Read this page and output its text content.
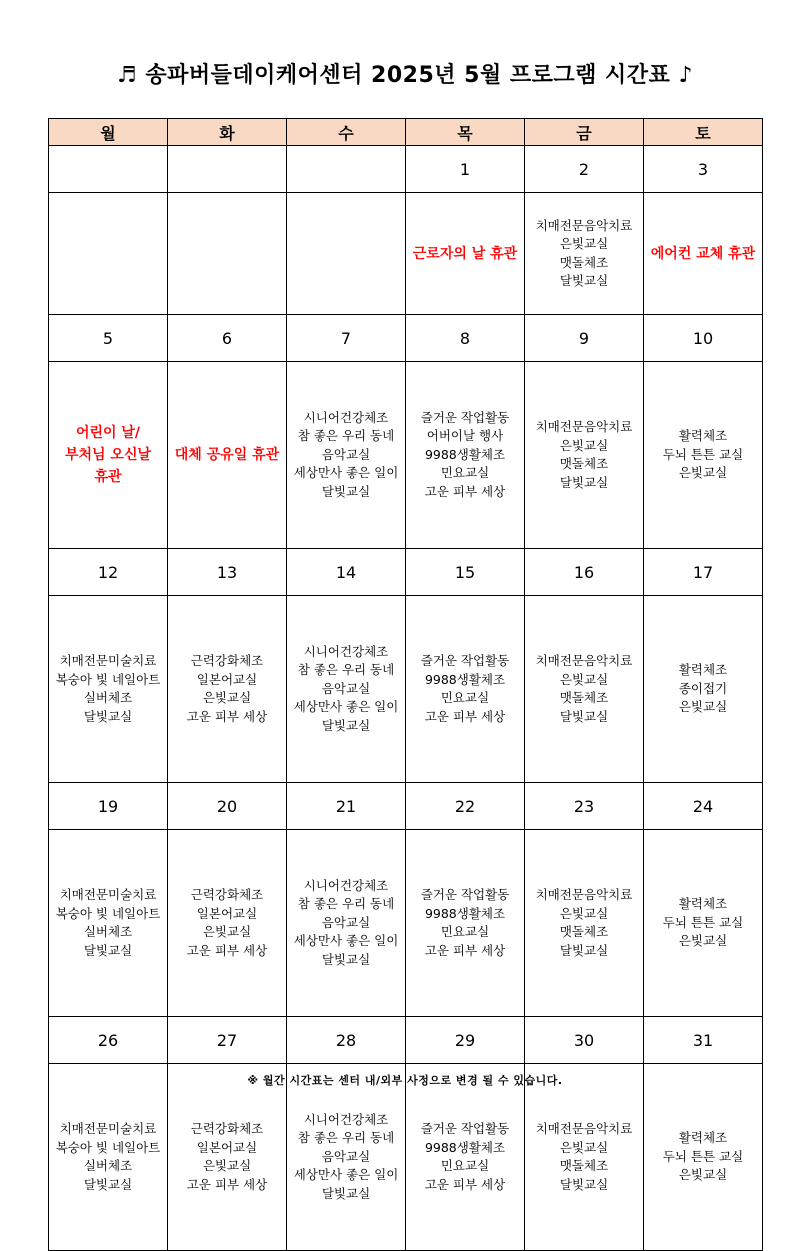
♬ 송파버들데이케어센터 2025년 5월 프로그램 시간표 ♪
월	화	수	목	금	토
			1	2	3

			근로자의 날 휴관	치매전문음악치료
은빛교실
맷돌체조
달빛교실	에어컨 교체 휴관

5	6	7	8	9	10

어린이 날/
부처님 오신날
휴관	대체 공유일 휴관	시니어건강체조
참 좋은 우리 동네
음악교실
세상만사 좋은 일이
달빛교실	즐거운 작업활동
어버이날 행사
9988생활체조
민요교실
고운 피부 세상	치매전문음악치료
은빛교실
맷돌체조
달빛교실	활력체조
두뇌 튼튼 교실
은빛교실

12	13	14	15	16	17

치매전문미술치료
복숭아 빛 네일아트
실버체조
달빛교실	근력강화체조
일본어교실
은빛교실
고운 피부 세상	시니어건강체조
참 좋은 우리 동네
음악교실
세상만사 좋은 일이
달빛교실	즐거운 작업활동
9988생활체조
민요교실
고운 피부 세상	치매전문음악치료
은빛교실
맷돌체조
달빛교실	활력체조
종이접기
은빛교실

19	20	21	22	23	24

치매전문미술치료
복숭아 빛 네일아트
실버체조
달빛교실	근력강화체조
일본어교실
은빛교실
고운 피부 세상	시니어건강체조
참 좋은 우리 동네
음악교실
세상만사 좋은 일이
달빛교실	즐거운 작업활동
9988생활체조
민요교실
고운 피부 세상	치매전문음악치료
은빛교실
맷돌체조
달빛교실	활력체조
두뇌 튼튼 교실
은빛교실

26	27	28	29	30	31

치매전문미술치료
복숭아 빛 네일아트
실버체조
달빛교실	근력강화체조
일본어교실
은빛교실
고운 피부 세상	시니어건강체조
참 좋은 우리 동네
음악교실
세상만사 좋은 일이
달빛교실	즐거운 작업활동
9988생활체조
민요교실
고운 피부 세상	치매전문음악치료
은빛교실
맷돌체조
달빛교실	활력체조
두뇌 튼튼 교실
은빛교실
※ 월간 시간표는 센터 내/외부 사정으로 변경 될 수 있습니다.
